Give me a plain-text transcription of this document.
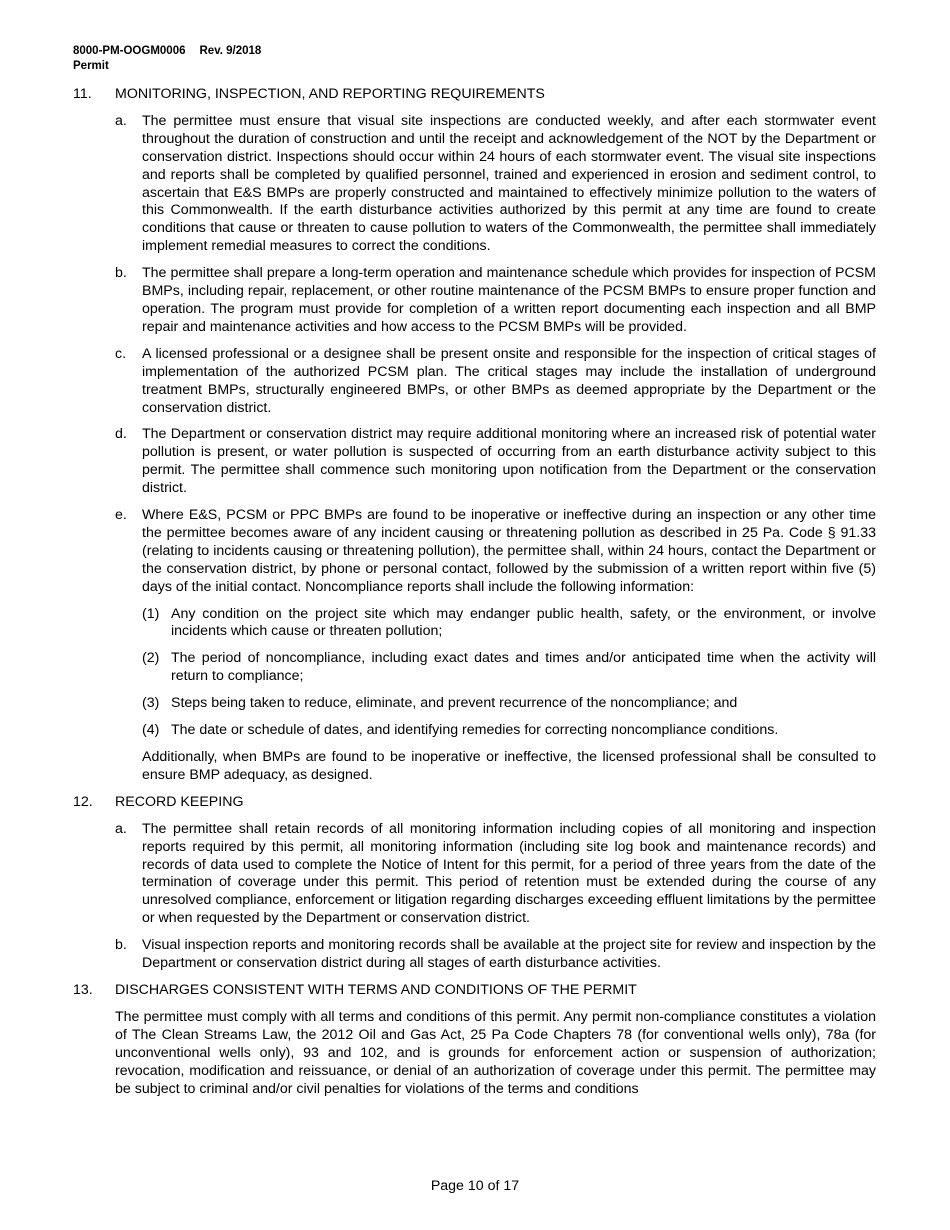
8000-PM-OOGM0006 Rev. 9/2018
Permit
11. MONITORING, INSPECTION, AND REPORTING REQUIREMENTS
a. The permittee must ensure that visual site inspections are conducted weekly, and after each stormwater event throughout the duration of construction and until the receipt and acknowledgement of the NOT by the Department or conservation district. Inspections should occur within 24 hours of each stormwater event. The visual site inspections and reports shall be completed by qualified personnel, trained and experienced in erosion and sediment control, to ascertain that E&S BMPs are properly constructed and maintained to effectively minimize pollution to the waters of this Commonwealth. If the earth disturbance activities authorized by this permit at any time are found to create conditions that cause or threaten to cause pollution to waters of the Commonwealth, the permittee shall immediately implement remedial measures to correct the conditions.
b. The permittee shall prepare a long-term operation and maintenance schedule which provides for inspection of PCSM BMPs, including repair, replacement, or other routine maintenance of the PCSM BMPs to ensure proper function and operation. The program must provide for completion of a written report documenting each inspection and all BMP repair and maintenance activities and how access to the PCSM BMPs will be provided.
c. A licensed professional or a designee shall be present onsite and responsible for the inspection of critical stages of implementation of the authorized PCSM plan. The critical stages may include the installation of underground treatment BMPs, structurally engineered BMPs, or other BMPs as deemed appropriate by the Department or the conservation district.
d. The Department or conservation district may require additional monitoring where an increased risk of potential water pollution is present, or water pollution is suspected of occurring from an earth disturbance activity subject to this permit. The permittee shall commence such monitoring upon notification from the Department or the conservation district.
e. Where E&S, PCSM or PPC BMPs are found to be inoperative or ineffective during an inspection or any other time the permittee becomes aware of any incident causing or threatening pollution as described in 25 Pa. Code § 91.33 (relating to incidents causing or threatening pollution), the permittee shall, within 24 hours, contact the Department or the conservation district, by phone or personal contact, followed by the submission of a written report within five (5) days of the initial contact. Noncompliance reports shall include the following information:
(1) Any condition on the project site which may endanger public health, safety, or the environment, or involve incidents which cause or threaten pollution;
(2) The period of noncompliance, including exact dates and times and/or anticipated time when the activity will return to compliance;
(3) Steps being taken to reduce, eliminate, and prevent recurrence of the noncompliance; and
(4) The date or schedule of dates, and identifying remedies for correcting noncompliance conditions.
Additionally, when BMPs are found to be inoperative or ineffective, the licensed professional shall be consulted to ensure BMP adequacy, as designed.
12. RECORD KEEPING
a. The permittee shall retain records of all monitoring information including copies of all monitoring and inspection reports required by this permit, all monitoring information (including site log book and maintenance records) and records of data used to complete the Notice of Intent for this permit, for a period of three years from the date of the termination of coverage under this permit. This period of retention must be extended during the course of any unresolved compliance, enforcement or litigation regarding discharges exceeding effluent limitations by the permittee or when requested by the Department or conservation district.
b. Visual inspection reports and monitoring records shall be available at the project site for review and inspection by the Department or conservation district during all stages of earth disturbance activities.
13. DISCHARGES CONSISTENT WITH TERMS AND CONDITIONS OF THE PERMIT
The permittee must comply with all terms and conditions of this permit. Any permit non-compliance constitutes a violation of The Clean Streams Law, the 2012 Oil and Gas Act, 25 Pa Code Chapters 78 (for conventional wells only), 78a (for unconventional wells only), 93 and 102, and is grounds for enforcement action or suspension of authorization; revocation, modification and reissuance, or denial of an authorization of coverage under this permit. The permittee may be subject to criminal and/or civil penalties for violations of the terms and conditions
Page 10 of 17
